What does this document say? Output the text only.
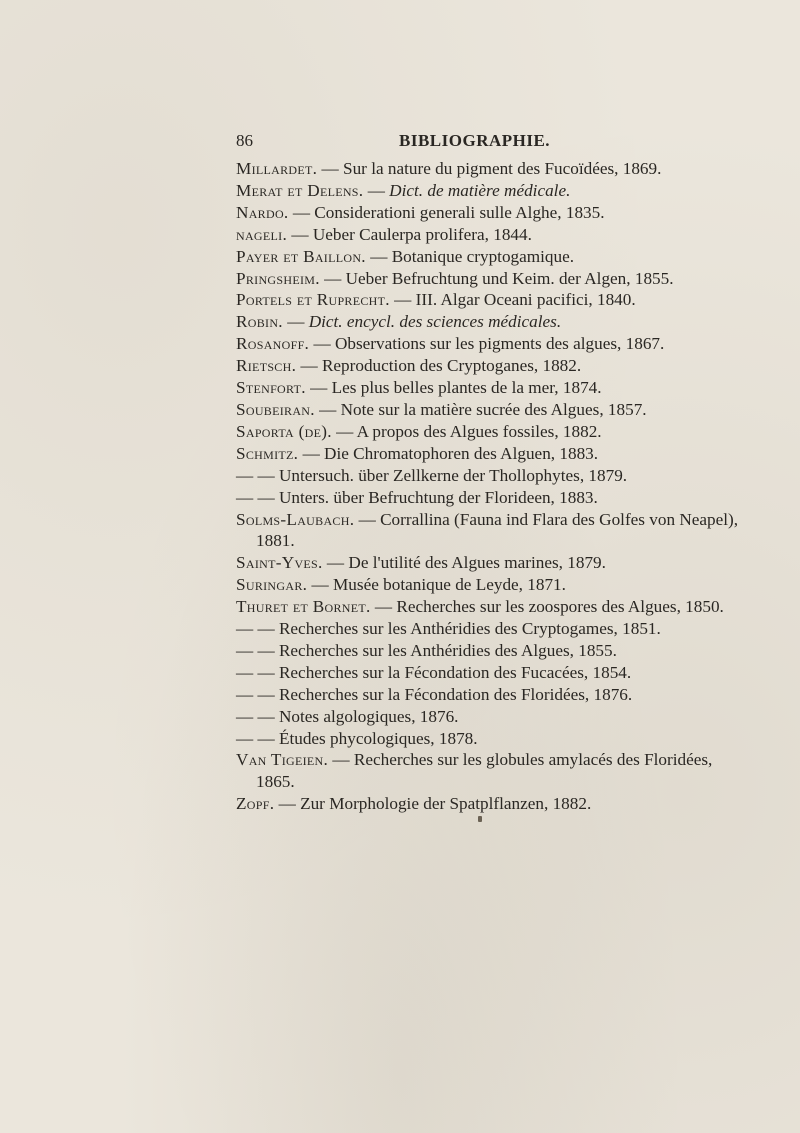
86	BIBLIOGRAPHIE.
Millardet. — Sur la nature du pigment des Fucoïdées, 1869.
Merat et Delens. — Dict. de matière médicale.
Nardo. — Considerationi generali sulle Alghe, 1835.
nageli. — Ueber Caulerpa prolifera, 1844.
Payer et Baillon. — Botanique cryptogamique.
Pringsheim. — Ueber Befruchtung und Keim. der Algen, 1855.
Portels et Ruprecht. — III. Algar Oceani pacifici, 1840.
Robin. — Dict. encycl. des sciences médicales.
Rosanoff. — Observations sur les pigments des algues, 1867.
Rietsch. — Reproduction des Cryptoganes, 1882.
Stenfort. — Les plus belles plantes de la mer, 1874.
Soubeiran. — Note sur la matière sucrée des Algues, 1857.
Saporta (de). — A propos des Algues fossiles, 1882.
Schmitz. — Die Chromatophoren des Alguen, 1883.
— — Untersuch. über Zellkerne der Thollophytes, 1879.
— — Unters. über Befruchtung der Florideen, 1883.
Solms-Laubach. — Corrallina (Fauna ind Flara des Golfes von Neapel),
1881.
Saint-Yves. — De l'utilité des Algues marines, 1879.
Suringar. — Musée botanique de Leyde, 1871.
Thuret et Bornet. — Recherches sur les zoospores des Algues, 1850.
— — Recherches sur les Anthéridies des Cryptogames, 1851.
— — Recherches sur les Anthéridies des Algues, 1855.
— — Recherches sur la Fécondation des Fucacées, 1854.
— — Recherches sur la Fécondation des Floridées, 1876.
— — Notes algologiques, 1876.
— — Études phycologiques, 1878.
Van Tigeien. — Recherches sur les globules amylacés des Floridées,
1865.
Zopf. — Zur Morphologie der Spatplflanzen, 1882.
